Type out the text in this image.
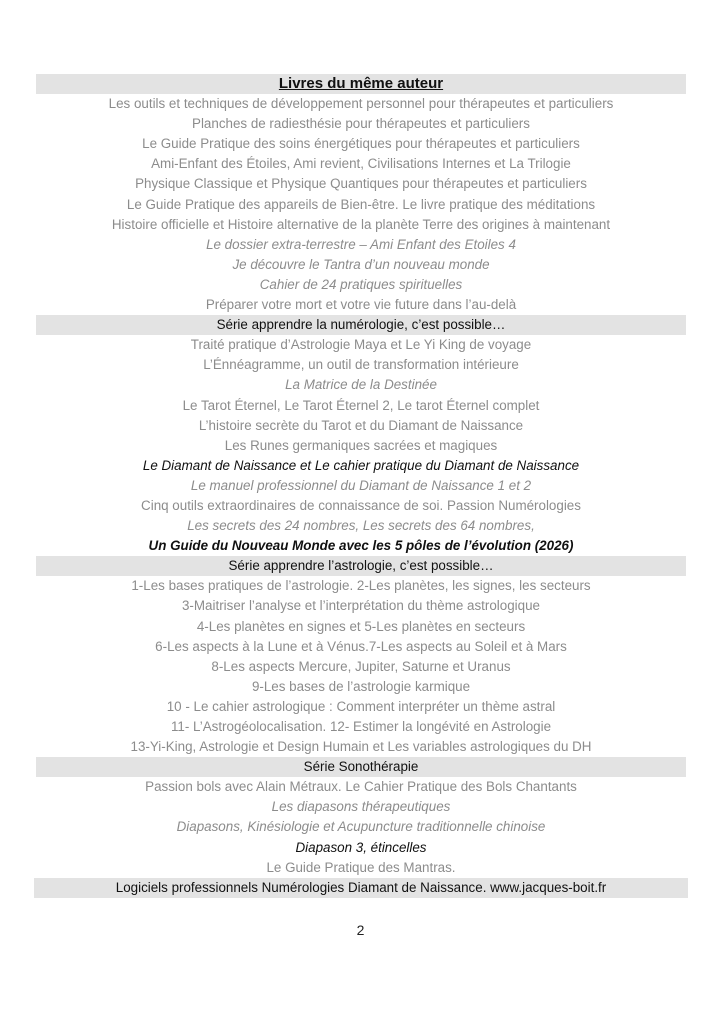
Livres du même auteur
Les outils et techniques de développement personnel pour thérapeutes et particuliers
Planches de radiesthésie pour thérapeutes et particuliers
Le Guide Pratique des soins énergétiques pour thérapeutes et particuliers
Ami-Enfant des Étoiles, Ami revient, Civilisations Internes et La Trilogie
Physique Classique et Physique Quantiques pour thérapeutes et particuliers
Le Guide Pratique des appareils de Bien-être. Le livre pratique des méditations
Histoire officielle et Histoire alternative de la planète Terre des origines à maintenant
Le dossier extra-terrestre – Ami Enfant des Etoiles 4
Je découvre le Tantra d’un nouveau monde
Cahier de 24 pratiques spirituelles
Préparer votre mort et votre vie future dans l’au-delà
Série apprendre la numérologie, c’est possible…
Traité pratique d’Astrologie Maya et Le Yi King de voyage
L’Énnéagramme, un outil de transformation intérieure
La Matrice de la Destinée
Le Tarot Éternel, Le Tarot Éternel 2, Le tarot Éternel complet
L’histoire secrète du Tarot et du Diamant de Naissance
Les Runes germaniques sacrées et magiques
Le Diamant de Naissance et Le cahier pratique du Diamant de Naissance
Le manuel professionnel du Diamant de Naissance 1 et 2
Cinq outils extraordinaires de connaissance de soi. Passion Numérologies
Les secrets des 24 nombres, Les secrets des 64 nombres,
Un Guide du Nouveau Monde avec les 5 pôles de l’évolution (2026)
Série apprendre l’astrologie, c’est possible…
1-Les bases pratiques de l’astrologie. 2-Les planètes, les signes, les secteurs
3-Maitriser l’analyse et l’interprétation du thème astrologique
4-Les planètes en signes et 5-Les planètes en secteurs
6-Les aspects à la Lune et à Vénus.7-Les aspects au Soleil et à Mars
8-Les aspects Mercure, Jupiter, Saturne et Uranus
9-Les bases de l’astrologie karmique
10 - Le cahier astrologique : Comment interpréter un thème astral
11- L’Astrogéolocalisation. 12- Estimer la longévité en Astrologie
13-Yi-King, Astrologie et Design Humain et Les variables astrologiques du DH
Série Sonothérapie
Passion bols avec Alain Métraux. Le Cahier Pratique des Bols Chantants
Les diapasons thérapeutiques
Diapasons, Kinésiologie et Acupuncture traditionnelle chinoise
Diapason 3, étincelles
Le Guide Pratique des Mantras.
Logiciels professionnels Numérologies Diamant de Naissance. www.jacques-boit.fr
2
